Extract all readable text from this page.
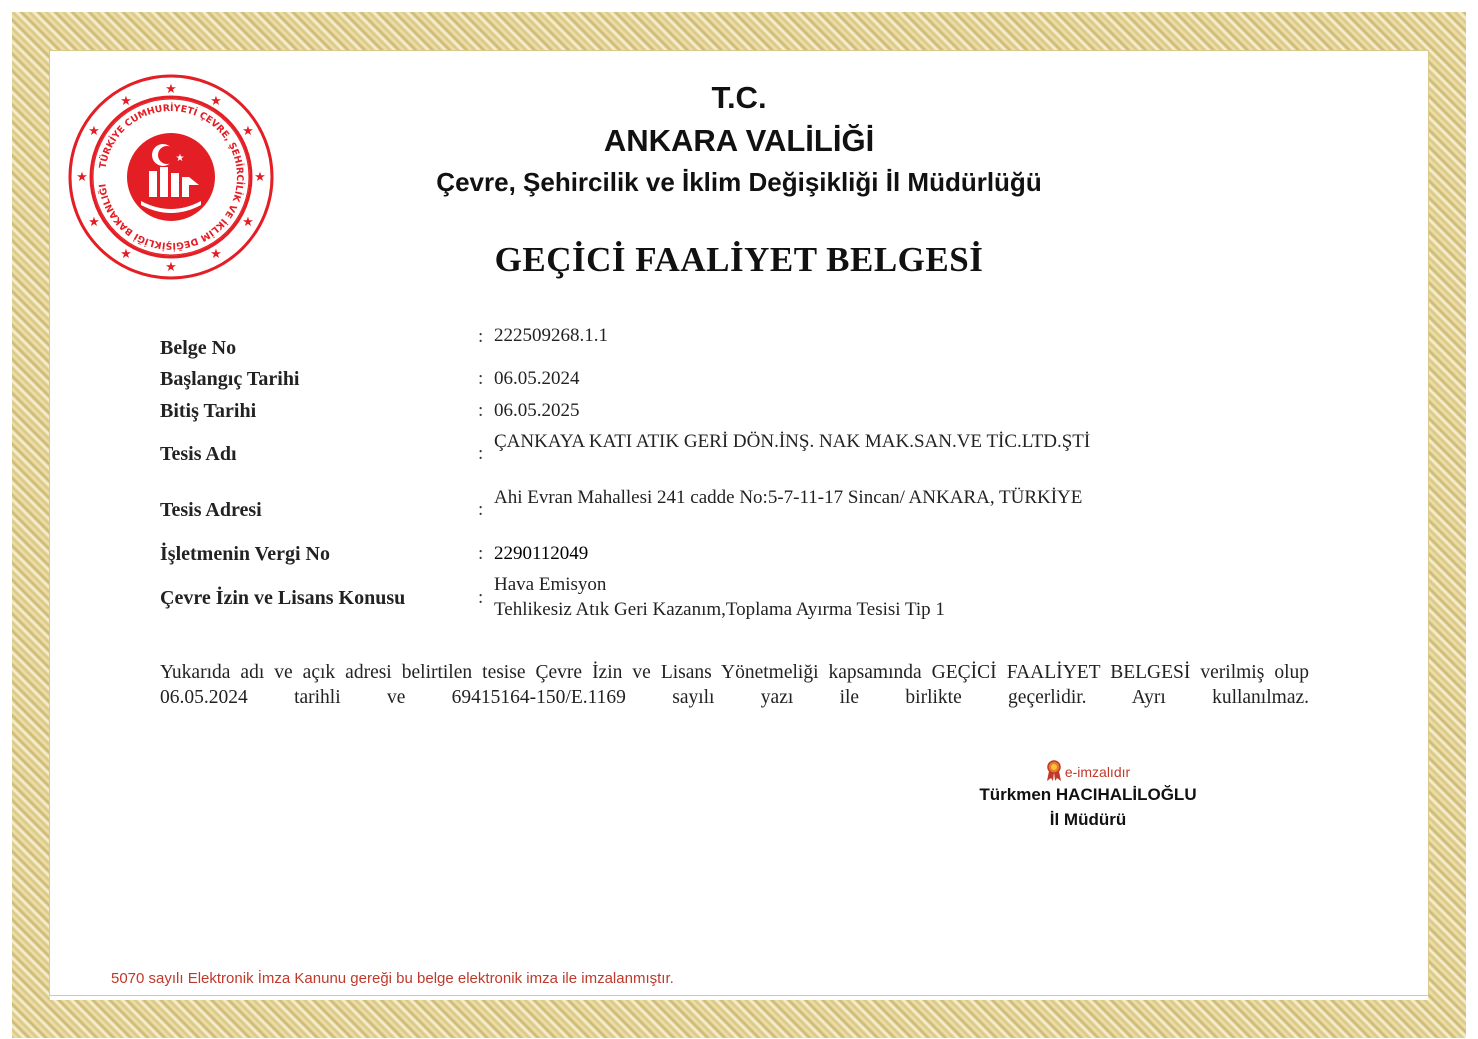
★
★
★
★
★
★
★
★
★
★
★
★
TÜRKİYE CUMHURİYETİ ÇEVRE, ŞEHİRCİLİK VE İKLİM DEĞİŞİKLİĞİ BAKANLIĞI
★
T.C.
ANKARA VALİLİĞİ
Çevre, Şehircilik ve İklim Değişikliği İl Müdürlüğü
GEÇİCİ FAALİYET BELGESİ
Belge No
: 222509268.1.1
Başlangıç Tarihi	: 06.05.2024
Bitiş Tarihi	: 06.05.2025
Tesis Adı	:
ÇANKAYA KATI ATIK GERİ DÖN.İNŞ. NAK MAK.SAN.VE TİC.LTD.ŞTİ
Tesis Adresi	:
Ahi Evran Mahallesi 241 cadde No:5-7-11-17 Sincan/ ANKARA, TÜRKİYE
İşletmenin Vergi No	: 2290112049
Çevre İzin ve Lisans Konusu	:
Hava Emisyon
Tehlikesiz Atık Geri Kazanım,Toplama Ayırma Tesisi Tip 1
Yukarıda adı ve açık adresi belirtilen tesise Çevre İzin ve Lisans Yönetmeliği kapsamında GEÇİCİ FAALİYET BELGESİ verilmiş olup 06.05.2024 tarihli ve 69415164-150/E.1169 sayılı yazı ile birlikte geçerlidir. Ayrı kullanılmaz.
e-imzalıdır
Türkmen HACIHALİLOĞLU
İl Müdürü
5070 sayılı Elektronik İmza Kanunu gereği bu belge elektronik imza ile imzalanmıştır.
